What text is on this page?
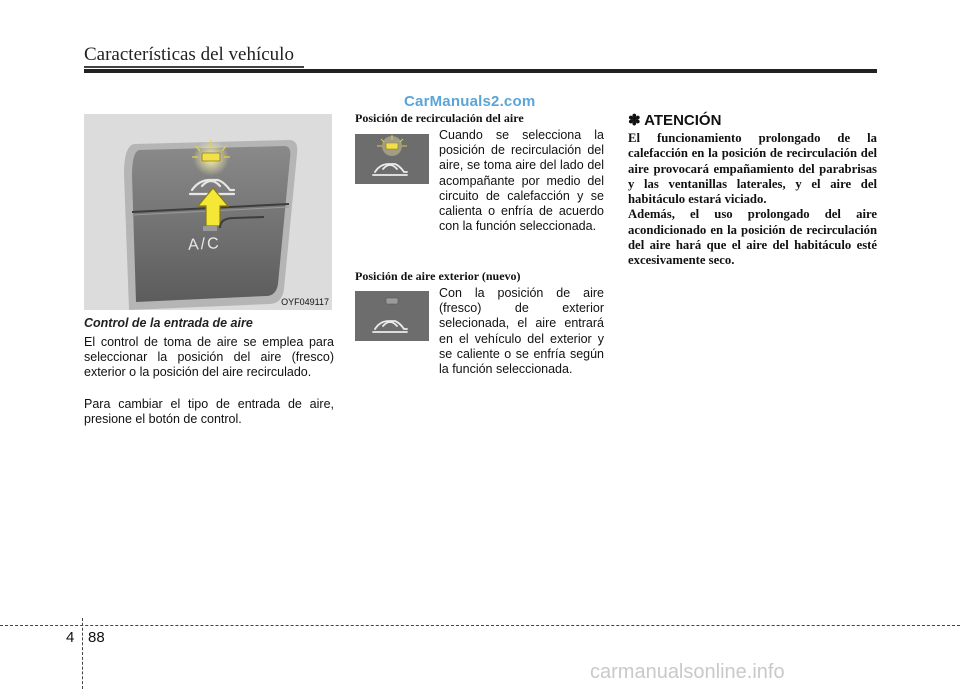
Características del vehículo
CarManuals2.com
A/C
OYF049117
Control de la entrada de aire
El control de toma de aire se emplea para seleccionar la posición del aire (fresco) exterior o la posición del aire recirculado.
Para cambiar el tipo de entrada de aire, presione el botón de control.
Posición de recirculación del aire
Cuando se selecciona la posición de recirculación del aire, se toma aire del lado del acompañante por medio del circuito de calefacción y se calienta o enfría de acuerdo con la función seleccionada.
Posición de aire exterior (nuevo)
Con la posición de aire (fresco) de exterior selecionada, el aire entrará en el vehículo del exterior y se caliente o se enfría según la función seleccionada.
✽ ATENCIÓN
El funcionamiento prolongado de la calefacción en la posición de recirculación del aire provocará empañamiento del parabrisas y las ventanillas laterales, y el aire del habitáculo estará viciado.
Además, el uso prolongado del aire acondicionado en la posición de recirculación del aire hará que el aire del habitáculo esté excesivamente seco.
4 88
carmanualsonline.info
